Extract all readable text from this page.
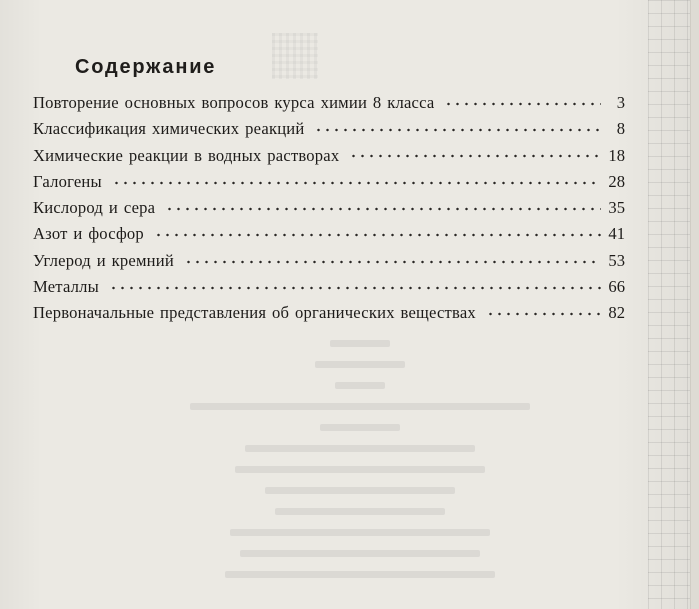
Содержание
Повторение основных вопросов курса химии 8 класса	3
Классификация химических реакций	8
Химические реакции в водных растворах	18
Галогены	28
Кислород и сера	35
Азот и фосфор	41
Углерод и кремний	53
Металлы	66
Первоначальные представления об органических веществах	82
